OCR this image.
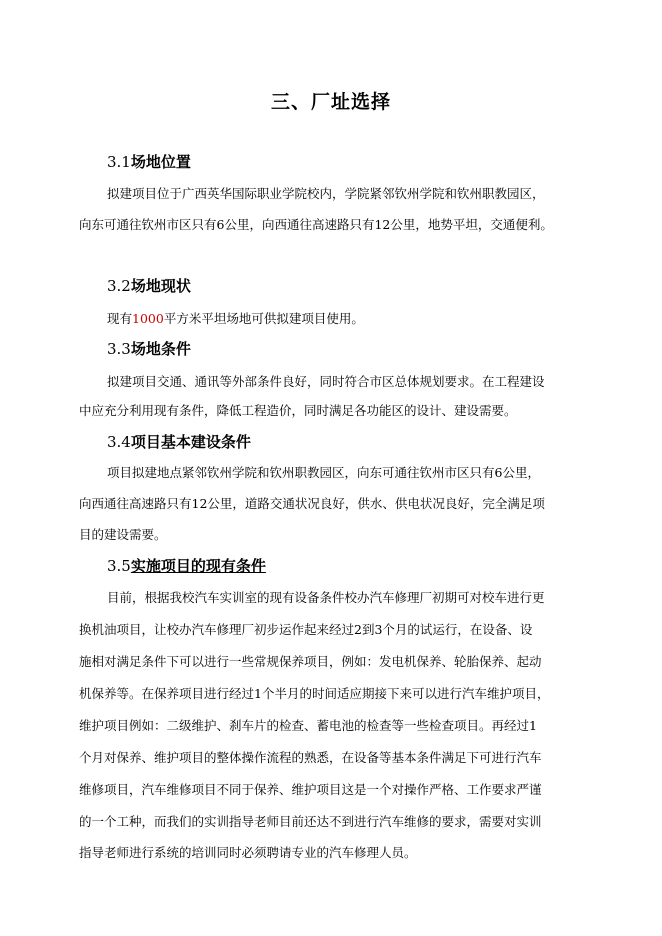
三、厂址选择
3.1场地位置
拟建项目位于广西英华国际职业学院校内，学院紧邻钦州学院和钦州职教园区，
向东可通往钦州市区只有6公里，向西通往高速路只有12公里，地势平坦，交通便利。
3.2场地现状
现有1000平方米平坦场地可供拟建项目使用。
3.3场地条件
拟建项目交通、通讯等外部条件良好，同时符合市区总体规划要求。在工程建设
中应充分利用现有条件，降低工程造价，同时满足各功能区的设计、建设需要。
3.4项目基本建设条件
项目拟建地点紧邻钦州学院和钦州职教园区，向东可通往钦州市区只有6公里，
向西通往高速路只有12公里，道路交通状况良好，供水、供电状况良好，完全满足项
目的建设需要。
3.5实施项目的现有条件
目前，根据我校汽车实训室的现有设备条件校办汽车修理厂初期可对校车进行更
换机油项目，让校办汽车修理厂初步运作起来经过2到3个月的试运行，在设备、设
施相对满足条件下可以进行一些常规保养项目，例如：发电机保养、轮胎保养、起动
机保养等。在保养项目进行经过1个半月的时间适应期接下来可以进行汽车维护项目，
维护项目例如：二级维护、刹车片的检查、蓄电池的检查等一些检查项目。再经过1
个月对保养、维护项目的整体操作流程的熟悉，在设备等基本条件满足下可进行汽车
维修项目，汽车维修项目不同于保养、维护项目这是一个对操作严格、工作要求严谨
的一个工种，而我们的实训指导老师目前还达不到进行汽车维修的要求，需要对实训
指导老师进行系统的培训同时必须聘请专业的汽车修理人员。
